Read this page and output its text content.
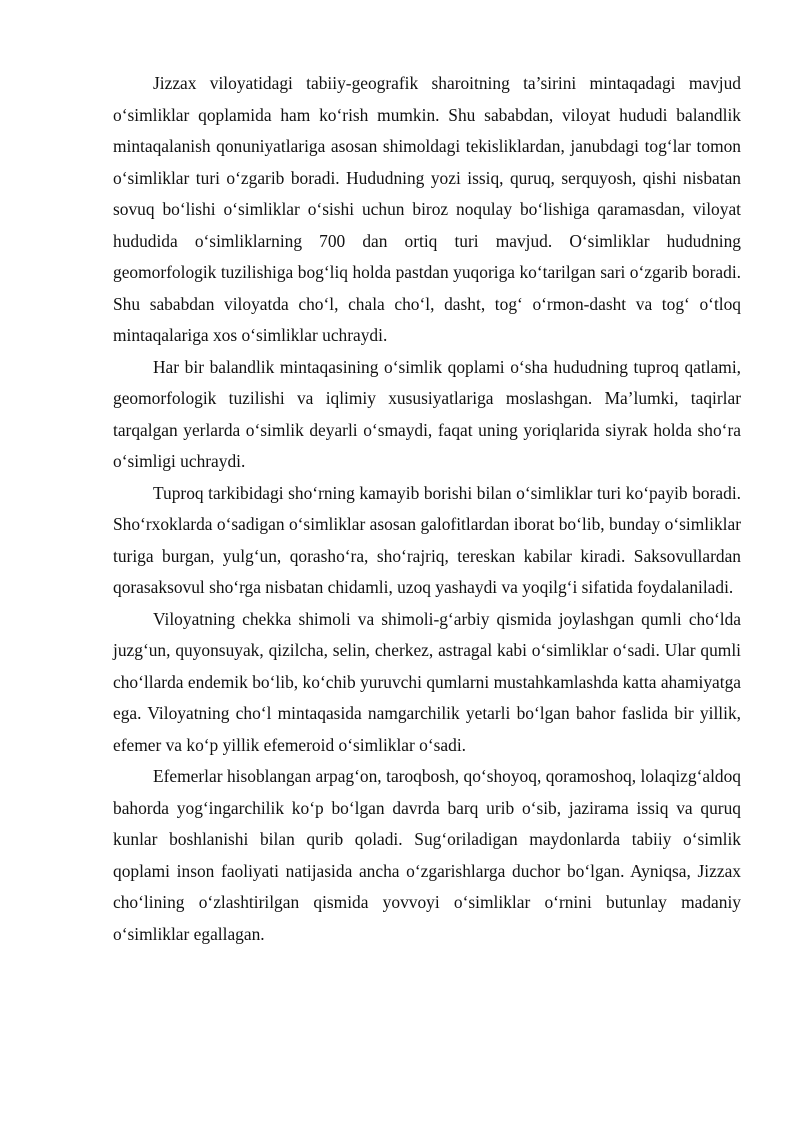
Jizzax viloyatidagi tabiiy-geografik sharoitning ta’sirini mintaqadagi mavjud o‘simliklar qoplamida ham ko‘rish mumkin. Shu sababdan, viloyat hududi balandlik mintaqalanish qonuniyatlariga asosan shimoldagi tekisliklardan, janubdagi tog‘lar tomon o‘simliklar turi o‘zgarib boradi. Hududning yozi issiq, quruq, serquyosh, qishi nisbatan sovuq bo‘lishi o‘simliklar o‘sishi uchun biroz noqulay bo‘lishiga qaramasdan, viloyat hududida o‘simliklarning 700 dan ortiq turi mavjud. O‘simliklar hududning geomorfologik tuzilishiga bog‘liq holda pastdan yuqoriga ko‘tarilgan sari o‘zgarib boradi. Shu sababdan viloyatda cho‘l, chala cho‘l, dasht, tog‘ o‘rmon-dasht va tog‘ o‘tloq mintaqalariga xos o‘simliklar uchraydi.

Har bir balandlik mintaqasining o‘simlik qoplami o‘sha hududning tuproq qatlami, geomorfologik tuzilishi va iqlimiy xususiyatlariga moslashgan. Ma’lumki, taqirlar tarqalgan yerlarda o‘simlik deyarli o‘smaydi, faqat uning yoriqlarida siyrak holda sho‘ra o‘simligi uchraydi.

Tuproq tarkibidagi sho‘rning kamayib borishi bilan o‘simliklar turi ko‘payib boradi. Sho‘rxoklarda o‘sadigan o‘simliklar asosan galofitlardan iborat bo‘lib, bunday o‘simliklar turiga burgan, yulg‘un, qorasho‘ra, sho‘rajriq, tereskan kabilar kiradi. Saksovullardan qorasaksovul sho‘rga nisbatan chidamli, uzoq yashaydi va yoqilg‘i sifatida foydalaniladi.

Viloyatning chekka shimoli va shimoli-g‘arbiy qismida joylashgan qumli cho‘lda juzg‘un, quyonsuyak, qizilcha, selin, cherkez, astragal kabi o‘simliklar o‘sadi. Ular qumli cho‘llarda endemik bo‘lib, ko‘chib yuruvchi qumlarni mustahkamlashda katta ahamiyatga ega. Viloyatning cho‘l mintaqasida namgarchilik yetarli bo‘lgan bahor faslida bir yillik, efemer va ko‘p yillik efemeroid o‘simliklar o‘sadi.

Efemerlar hisoblangan arpag‘on, taroqbosh, qo‘shoyoq, qoramoshoq, lolaqizg‘aldoq bahorda yog‘ingarchilik ko‘p bo‘lgan davrda barq urib o‘sib, jazirama issiq va quruq kunlar boshlanishi bilan qurib qoladi. Sug‘oriladigan maydonlarda tabiiy o‘simlik qoplami inson faoliyati natijasida ancha o‘zgarishlarga duchor bo‘lgan. Ayniqsa, Jizzax cho‘lining o‘zlashtirilgan qismida yovvoyi o‘simliklar o‘rnini butunlay madaniy o‘simliklar egallagan.
